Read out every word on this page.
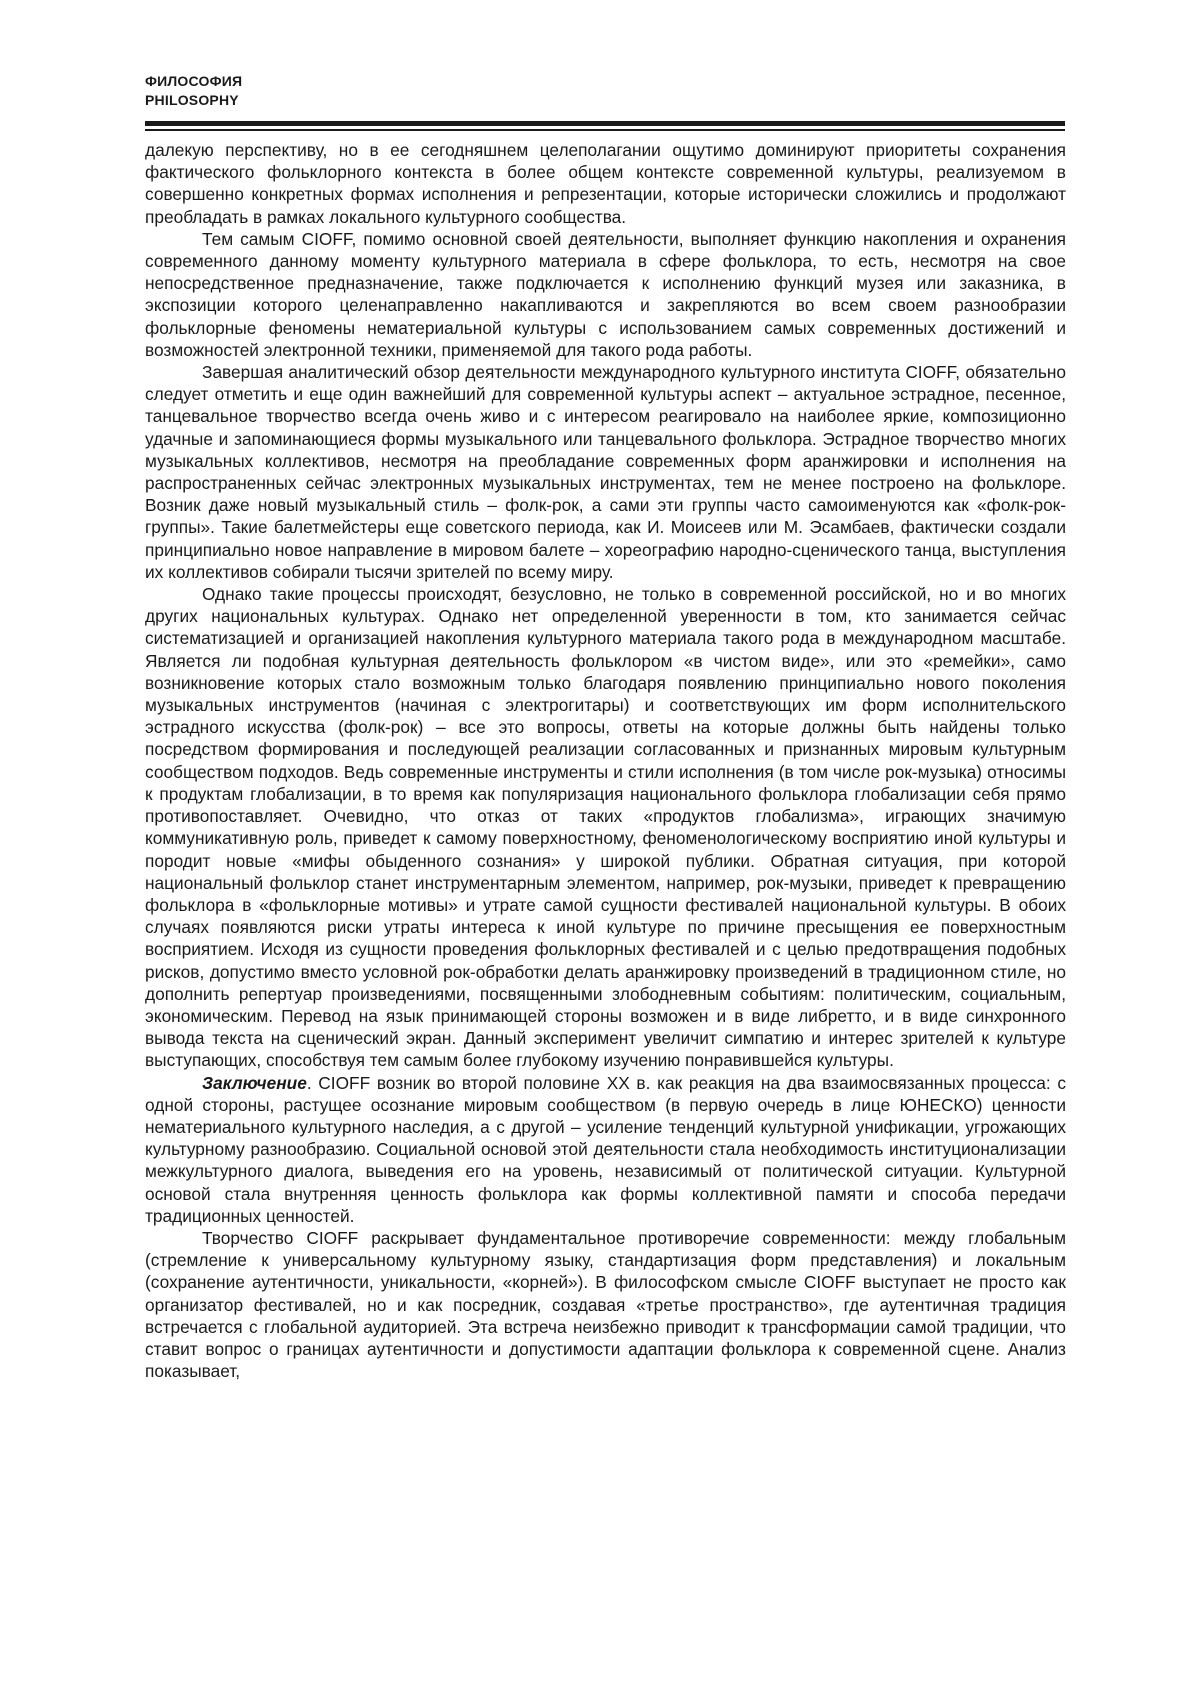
ФИЛОСОФИЯ
PHILOSOPHY

далекую перспективу, но в ее сегодняшнем целеполагании ощутимо доминируют приоритеты сохранения фактического фольклорного контекста в более общем контексте современной культуры, реализуемом в совершенно конкретных формах исполнения и репрезентации, которые исторически сложились и продолжают преобладать в рамках локального культурного сообщества.

Тем самым CIOFF, помимо основной своей деятельности, выполняет функцию накопления и охранения современного данному моменту культурного материала в сфере фольклора, то есть, несмотря на свое непосредственное предназначение, также подключается к исполнению функций музея или заказника, в экспозиции которого целенаправленно накапливаются и закрепляются во всем своем разнообразии фольклорные феномены нематериальной культуры с использованием самых современных достижений и возможностей электронной техники, применяемой для такого рода работы.

Завершая аналитический обзор деятельности международного культурного института CIOFF, обязательно следует отметить и еще один важнейший для современной культуры аспект – актуальное эстрадное, песенное, танцевальное творчество всегда очень живо и с интересом реагировало на наиболее яркие, композиционно удачные и запоминающиеся формы музыкального или танцевального фольклора. Эстрадное творчество многих музыкальных коллективов, несмотря на преобладание современных форм аранжировки и исполнения на распространенных сейчас электронных музыкальных инструментах, тем не менее построено на фольклоре. Возник даже новый музыкальный стиль – фолк-рок, а сами эти группы часто самоименуются как «фолк-рок-группы». Такие балетмейстеры еще советского периода, как И. Моисеев или М. Эсамбаев, фактически создали принципиально новое направление в мировом балете – хореографию народно-сценического танца, выступления их коллективов собирали тысячи зрителей по всему миру.

Однако такие процессы происходят, безусловно, не только в современной российской, но и во многих других национальных культурах. Однако нет определенной уверенности в том, кто занимается сейчас систематизацией и организацией накопления культурного материала такого рода в международном масштабе. Является ли подобная культурная деятельность фольклором «в чистом виде», или это «ремейки», само возникновение которых стало возможным только благодаря появлению принципиально нового поколения музыкальных инструментов (начиная с электрогитары) и соответствующих им форм исполнительского эстрадного искусства (фолк-рок) – все это вопросы, ответы на которые должны быть найдены только посредством формирования и последующей реализации согласованных и признанных мировым культурным сообществом подходов. Ведь современные инструменты и стили исполнения (в том числе рок-музыка) относимы к продуктам глобализации, в то время как популяризация национального фольклора глобализации себя прямо противопоставляет. Очевидно, что отказ от таких «продуктов глобализма», играющих значимую коммуникативную роль, приведет к самому поверхностному, феноменологическому восприятию иной культуры и породит новые «мифы обыденного сознания» у широкой публики. Обратная ситуация, при которой национальный фольклор станет инструментарным элементом, например, рок-музыки, приведет к превращению фольклора в «фольклорные мотивы» и утрате самой сущности фестивалей национальной культуры. В обоих случаях появляются риски утраты интереса к иной культуре по причине пресыщения ее поверхностным восприятием. Исходя из сущности проведения фольклорных фестивалей и с целью предотвращения подобных рисков, допустимо вместо условной рок-обработки делать аранжировку произведений в традиционном стиле, но дополнить репертуар произведениями, посвященными злободневным событиям: политическим, социальным, экономическим. Перевод на язык принимающей стороны возможен и в виде либретто, и в виде синхронного вывода текста на сценический экран. Данный эксперимент увеличит симпатию и интерес зрителей к культуре выступающих, способствуя тем самым более глубокому изучению понравившейся культуры.

Заключение. CIOFF возник во второй половине XX в. как реакция на два взаимосвязанных процесса: с одной стороны, растущее осознание мировым сообществом (в первую очередь в лице ЮНЕСКО) ценности нематериального культурного наследия, а с другой – усиление тенденций культурной унификации, угрожающих культурному разнообразию. Социальной основой этой деятельности стала необходимость институционализации межкультурного диалога, выведения его на уровень, независимый от политической ситуации. Культурной основой стала внутренняя ценность фольклора как формы коллективной памяти и способа передачи традиционных ценностей.

Творчество CIOFF раскрывает фундаментальное противоречие современности: между глобальным (стремление к универсальному культурному языку, стандартизация форм представления) и локальным (сохранение аутентичности, уникальности, «корней»). В философском смысле CIOFF выступает не просто как организатор фестивалей, но и как посредник, создавая «третье пространство», где аутентичная традиция встречается с глобальной аудиторией. Эта встреча неизбежно приводит к трансформации самой традиции, что ставит вопрос о границах аутентичности и допустимости адаптации фольклора к современной сцене. Анализ показывает,
